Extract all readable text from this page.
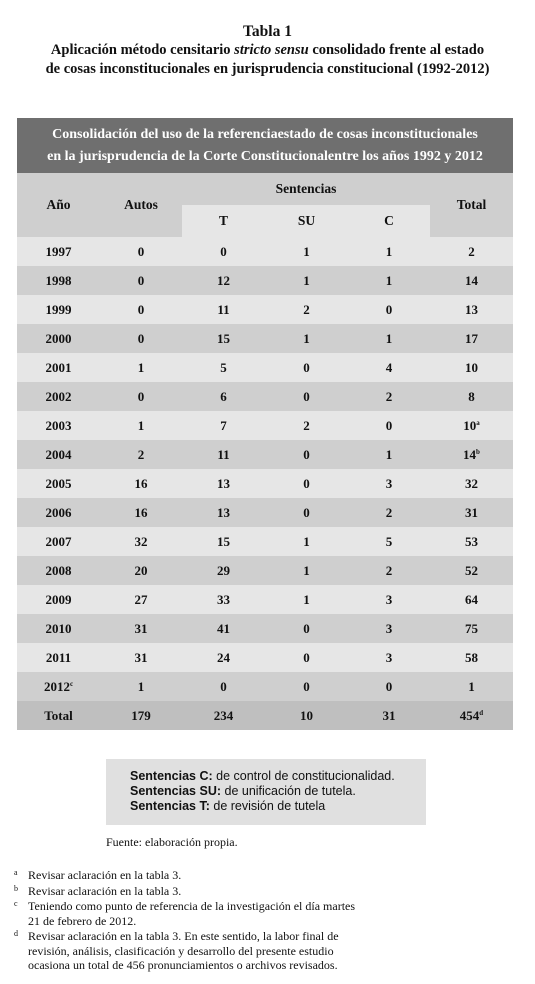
Tabla 1
Aplicación método censitario stricto sensu consolidado frente al estado
de cosas inconstitucionales en jurisprudencia constitucional (1992-2012)
Consolidación del uso de la referenciaestado de cosas inconstitucionales
en la jurisprudencia de la Corte Constitucionalentre los años 1992 y 2012
Año	Autos	Sentencias			Total
		T	SU	C	
1997	0	0	1	1	2
1998	0	12	1	1	14
1999	0	11	2	0	13
2000	0	15	1	1	17
2001	1	5	0	4	10
2002	0	6	0	2	8
2003	1	7	2	0	10$^a$
2004	2	11	0	1	14$^b$
2005	16	13	0	3	32
2006	16	13	0	2	31
2007	32	15	1	5	53
2008	20	29	1	2	52
2009	27	33	1	3	64
2010	31	41	0	3	75
2011	31	24	0	3	58
2012$^c$	1	0	0	0	1
Total	179	234	10	31	454$^d$
Sentencias C: de control de constitucionalidad.
Sentencias SU: de unificación de tutela.
Sentencias T: de revisión de tutela
Fuente: elaboración propia.
a Revisar aclaración en la tabla 3.
b Revisar aclaración en la tabla 3.
c Teniendo como punto de referencia de la investigación el día martes 21 de febrero de 2012.
d Revisar aclaración en la tabla 3. En este sentido, la labor final de revisión, análisis, clasificación y desarrollo del presente estudio ocasiona un total de 456 pronunciamientos o archivos revisados.
